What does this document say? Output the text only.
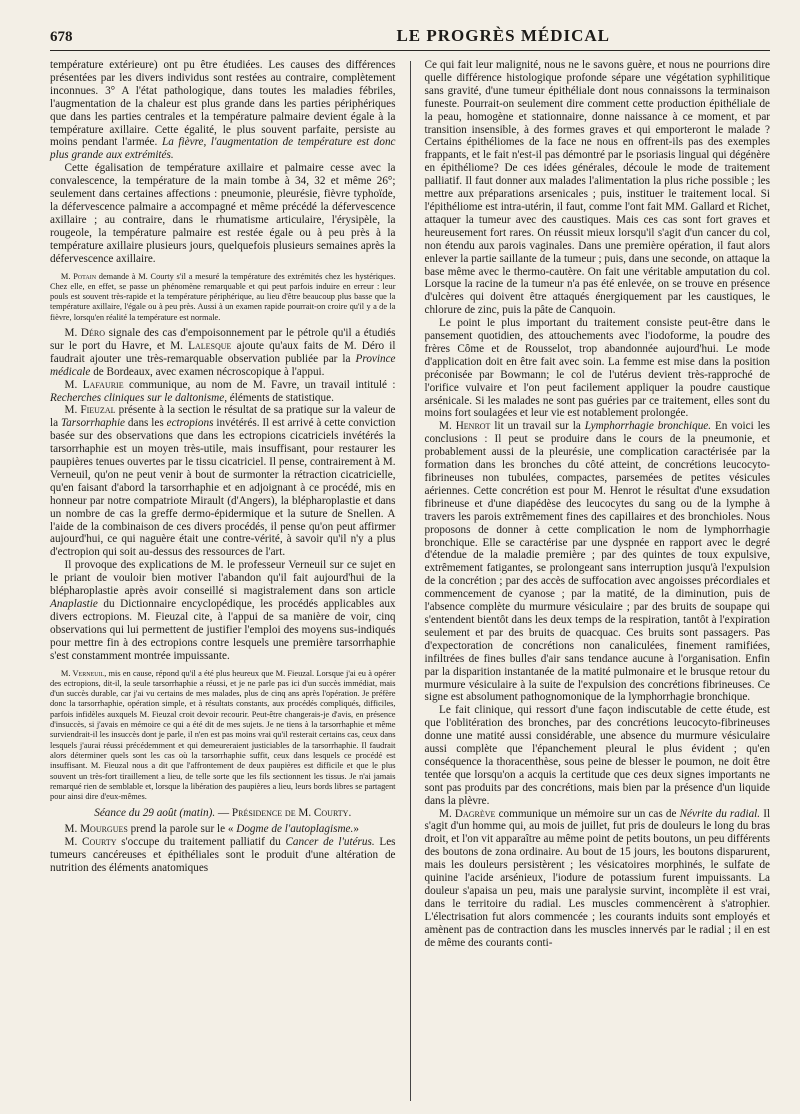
678	LE PROGRÈS MÉDICAL

température extérieure) ont pu être étudiées. Les causes des différences présentées par les divers individus sont restées au contraire, complètement inconnues. 3° A l'état pathologique, dans toutes les maladies fébriles, l'augmentation de la chaleur est plus grande dans les parties périphériques que dans les parties centrales et la température palmaire devient égale à la température axillaire. Cette égalité, le plus souvent parfaite, persiste au moins pendant l'armée. La fièvre, l'augmentation de température est donc plus grande aux extrémités.

Cette égalisation de température axillaire et palmaire cesse avec la convalescence, la température de la main tombe à 34, 32 et même 26°; seulement dans certaines affections : pneumonie, pleurésie, fièvre typhoïde, la défervescence palmaire a accompagné et même précédé la défervescence axillaire ; au contraire, dans le rhumatisme articulaire, l'érysipèle, la rougeole, la température palmaire est restée égale ou à peu près à la température axillaire plusieurs jours, quelquefois plusieurs semaines après la défervescence axillaire.

M. Potain demande à M. Courty s'il a mesuré la température des extrémités chez les hystériques. Chez elle, en effet, se passe un phénomène remarquable et qui peut parfois induire en erreur : leur pouls est souvent très-rapide et la température périphérique, au lieu d'être beaucoup plus basse que la température axillaire, l'égale ou à peu près. Aussi à un examen rapide pourrait-on croire qu'il y a de la fièvre, lorsqu'en réalité la température est normale.

M. Déro signale des cas d'empoisonnement par le pétrole qu'il a étudiés sur le port du Havre, et M. Lalesque ajoute qu'aux faits de M. Déro il faudrait ajouter une très-remarquable observation publiée par la Province médicale de Bordeaux, avec examen nécroscopique à l'appui.

M. Lafaurie communique, au nom de M. Favre, un travail intitulé : Recherches cliniques sur le daltonisme, éléments de statistique.

M. Fieuzal présente à la section le résultat de sa pratique sur la valeur de la Tarsorrhaphie dans les ectropions invétérés. Il est arrivé à cette conviction basée sur des observations que dans les ectropions cicatriciels invétérés la tarsorrhaphie est un moyen très-utile, mais insuffisant, pour restaurer les paupières tenues ouvertes par le tissu cicatriciel. Il pense, contrairement à M. Verneuil, qu'on ne peut venir à bout de surmonter la rétraction cicatricielle, qu'en faisant d'abord la tarsorrhaphie et en adjoignant à ce procédé, mis en honneur par notre compatriote Mirault (d'Angers), la blépharoplastie et dans un nombre de cas la greffe dermo-épidermique et la suture de Snellen. A l'aide de la combinaison de ces divers procédés, il pense qu'on peut affirmer aujourd'hui, ce qui naguère était une contre-vérité, à savoir qu'il n'y a plus d'ectropion qui soit au-dessus des ressources de l'art.

Il provoque des explications de M. le professeur Verneuil sur ce sujet en le priant de vouloir bien motiver l'abandon qu'il fait aujourd'hui de la blépharoplastie après avoir conseillé si magistralement dans son article Anaplastie du Dictionnaire encyclopédique, les procédés applicables aux divers ectropions. M. Fieuzal cite, à l'appui de sa manière de voir, cinq observations qui lui permettent de justifier l'emploi des moyens sus-indiqués pour mettre fin à des ectropions contre lesquels une première tarsorrhaphie s'est constamment montrée impuissante.

M. Verneuil, mis en cause, répond qu'il a été plus heureux que M. Fieuzal. Lorsque j'ai eu à opérer des ectropions, dit-il, la seule tarsorrhaphie a réussi, et je ne parle pas ici d'un succès immédiat, mais d'un succès durable, car j'ai vu certains de mes malades, plus de cinq ans après l'opération. Je préfère donc la tarsorrhaphie, opération simple, et à résultats constants, aux procédés compliqués, difficiles, parfois infidèles auxquels M. Fieuzal croit devoir recourir. Peut-être changerais-je d'avis, en présence d'insuccès, si j'avais en mémoire ce qui a été dit de mes sujets. Je ne tiens à la tarsorrhaphie et même surviendrait-il les insuccès dont je parle, il n'en est pas moins vrai qu'il resterait certains cas, ceux dans lesquels j'aurai réussi précédemment et qui demeureraient justiciables de la tarsorrhaphie. Il faudrait alors déterminer quels sont les cas où la tarsorrhaphie suffit, ceux dans lesquels ce procédé est insuffisant. M. Fieuzal nous a dit que l'affrontement de deux paupières est difficile et que le plus souvent un très-fort tiraillement a lieu, de telle sorte que les fils sectionnent les tissus. Je n'ai jamais remarqué rien de semblable et, lorsque la libération des paupières a lieu, leurs bords libres se partagent pour ainsi dire d'eux-mêmes.

Séance du 29 août (matin). — Présidence de M. Courty.

M. Mourgues prend la parole sur le « Dogme de l'autoplagisme.»

M. Courty s'occupe du traitement palliatif du Cancer de l'utérus. Les tumeurs cancéreuses et épithéliales sont le produit d'une altération de nutrition des éléments anatomiques

Ce qui fait leur malignité, nous ne le savons guère, et nous ne pourrions dire quelle différence histologique profonde sépare une végétation syphilitique sans gravité, d'une tumeur épithéliale dont nous connaissons la terminaison funeste. Pourrait-on seulement dire comment cette production épithéliale de la peau, homogène et stationnaire, donne naissance à ce moment, et par transition insensible, à des formes graves et qui emporteront le malade ? Certains épithéliomes de la face ne nous en offrent-ils pas des exemples frappants, et le fait n'est-il pas démontré par le psoriasis lingual qui dégénère en épithéliome? De ces idées générales, découle le mode de traitement palliatif. Il faut donner aux malades l'alimentation la plus riche possible ; les mettre aux préparations arsenicales ; puis, instituer le traitement local. Si l'épithéliome est intra-utérin, il faut, comme l'ont fait MM. Gallard et Richet, attaquer la tumeur avec des caustiques. Mais ces cas sont fort graves et heureusement fort rares. On réussit mieux lorsqu'il s'agit d'un cancer du col, non étendu aux parois vaginales. Dans une première opération, il faut alors enlever la partie saillante de la tumeur ; puis, dans une seconde, on attaque la base même avec le thermo-cautère. On fait une véritable amputation du col. Lorsque la racine de la tumeur n'a pas été enlevée, on se trouve en présence d'ulcères qui doivent être attaqués énergiquement par les caustiques, le chlorure de zinc, puis la pâte de Canquoin.

Le point le plus important du traitement consiste peut-être dans le pansement quotidien, des attouchements avec l'iodoforme, la poudre des frères Côme et de Rousselot, trop abandonnée aujourd'hui. Le mode d'application doit en être fait avec soin. La femme est mise dans la position préconisée par Bowmann; le col de l'utérus devient très-rapproché de l'orifice vulvaire et l'on peut facilement appliquer la poudre caustique arsénicale. Si les malades ne sont pas guéries par ce traitement, elles sont du moins fort soulagées et leur vie est notablement prolongée.

M. Henrot lit un travail sur la Lymphorrhagie bronchique. En voici les conclusions : Il peut se produire dans le cours de la pneumonie, et probablement aussi de la pleurésie, une complication caractérisée par la formation dans les bronches du côté atteint, de concrétions leucocyto-fibrineuses non tubulées, compactes, parsemées de petites vésicules aériennes. Cette concrétion est pour M. Henrot le résultat d'une exsudation fibrineuse et d'une diapédèse des leucocytes du sang ou de la lymphe à travers les parois extrêmement fines des capillaires et des bronchioles. Nous proposons de donner à cette complication le nom de lymphorrhagie bronchique. Elle se caractérise par une dyspnée en rapport avec le degré d'étendue de la maladie première ; par des quintes de toux expulsive, extrêmement fatigantes, se prolongeant sans interruption jusqu'à l'expulsion de la concrétion ; par des accès de suffocation avec angoisses précordiales et commencement de cyanose ; par la matité, de la diminution, puis de l'absence complète du murmure vésiculaire ; par des bruits de soupape qui s'entendent bientôt dans les deux temps de la respiration, tantôt à l'expiration seulement et par des bruits de quacquac. Ces bruits sont passagers. Pas d'expectoration de concrétions non canaliculées, finement ramifiées, infiltrées de fines bulles d'air sans tendance aucune à l'organisation. Enfin par la disparition instantanée de la matité pulmonaire et le brusque retour du murmure vésiculaire à la suite de l'expulsion des concrétions fibrineuses. Ce signe est absolument pathognomonique de la lymphorrhagie bronchique.

Le fait clinique, qui ressort d'une façon indiscutable de cette étude, est que l'oblitération des bronches, par des concrétions leucocyto-fibrineuses donne une matité aussi considérable, une absence du murmure vésiculaire aussi complète que l'épanchement pleural le plus évident ; qu'en conséquence la thoracenthèse, sous peine de blesser le poumon, ne doit être tentée que lorsqu'on a acquis la certitude que ces deux signes importants ne sont pas produits par des concrétions, mais bien par la présence d'un liquide dans la plèvre.

M. Dagrève communique un mémoire sur un cas de Névrite du radial. Il s'agit d'un homme qui, au mois de juillet, fut pris de douleurs le long du bras droit, et l'on vit apparaître au même point de petits boutons, un peu différents des boutons de zona ordinaire. Au bout de 15 jours, les boutons disparurent, mais les douleurs persistèrent ; les vésicatoires morphinés, le sulfate de quinine l'acide arsénieux, l'iodure de potassium furent impuissants. La douleur s'apaisa un peu, mais une paralysie survint, incomplète il est vrai, dans le territoire du radial. Les muscles commencèrent à s'atrophier. L'électrisation fut alors commencée ; les courants induits sont employés et amènent pas de contraction dans les muscles innervés par le radial ; il en est de même des courants conti-
